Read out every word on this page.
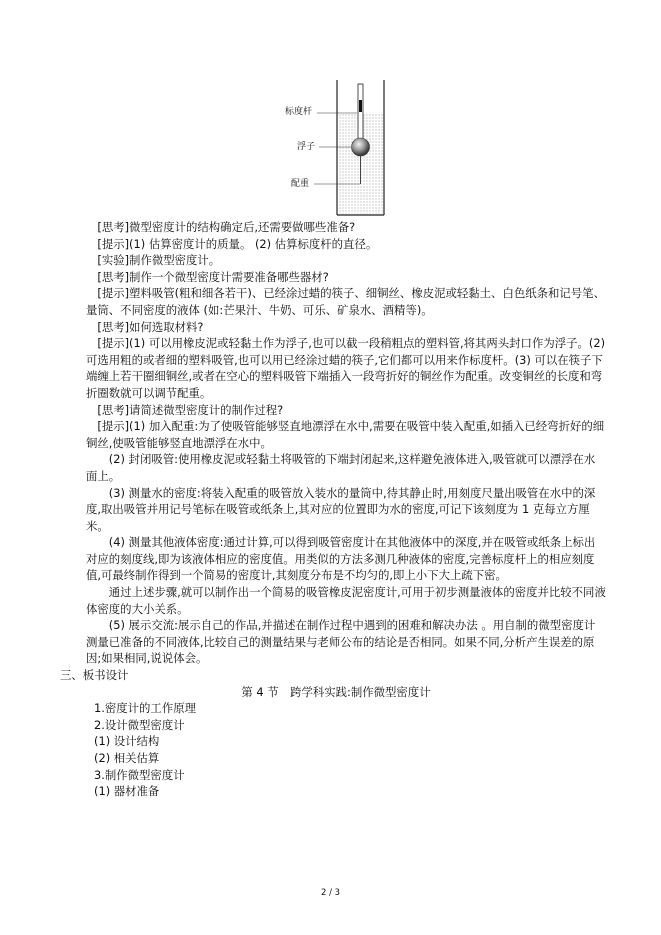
标度杆
浮子
配重

[思考]微型密度计的结构确定后,还需要做哪些准备?

[提示](1) 估算密度计的质量。 (2) 估算标度杆的直径。

[实验]制作微型密度计。

[思考]制作一个微型密度计需要准备哪些器材?

[提示]塑料吸管(粗和细各若干)、已经涂过蜡的筷子、细铜丝、橡皮泥或轻黏土、白色纸条和记号笔、量筒、不同密度的液体 (如:芒果汁、牛奶、可乐、矿泉水、酒精等)。

[思考]如何选取材料?

[提示](1) 可以用橡皮泥或轻黏土作为浮子,也可以截一段稍粗点的塑料管,将其两头封口作为浮子。(2) 可选用粗的或者细的塑料吸管,也可以用已经涂过蜡的筷子,它们都可以用来作标度杆。(3) 可以在筷子下端缠上若干圈细铜丝,或者在空心的塑料吸管下端插入一段弯折好的铜丝作为配重。改变铜丝的长度和弯折圈数就可以调节配重。

[思考]请简述微型密度计的制作过程?

[提示](1) 加入配重:为了使吸管能够竖直地漂浮在水中,需要在吸管中装入配重,如插入已经弯折好的细铜丝,使吸管能够竖直地漂浮在水中。

(2) 封闭吸管:使用橡皮泥或轻黏土将吸管的下端封闭起来,这样避免液体进入,吸管就可以漂浮在水面上。

(3) 测量水的密度:将装入配重的吸管放入装水的量筒中,待其静止时,用刻度尺量出吸管在水中的深度,取出吸管并用记号笔标在吸管或纸条上,其对应的位置即为水的密度,可记下该刻度为 1 克每立方厘米。

(4) 测量其他液体密度:通过计算,可以得到吸管密度计在其他液体中的深度,并在吸管或纸条上标出对应的刻度线,即为该液体相应的密度值。用类似的方法多测几种液体的密度,完善标度杆上的相应刻度值,可最终制作得到一个简易的密度计,其刻度分布是不均匀的,即上小下大上疏下密。

通过上述步骤,就可以制作出一个简易的吸管橡皮泥密度计,可用于初步测量液体的密度并比较不同液体密度的大小关系。

(5) 展示交流:展示自己的作品,并描述在制作过程中遇到的困难和解决办法 。用自制的微型密度计测量已准备的不同液体,比较自己的测量结果与老师公布的结论是否相同。如果不同,分析产生误差的原因;如果相同,说说体会。

三、板书设计

第 4 节　跨学科实践:制作微型密度计

1.密度计的工作原理

2.设计微型密度计

(1) 设计结构

(2) 相关估算

3.制作微型密度计

(1) 器材准备

2 / 3
